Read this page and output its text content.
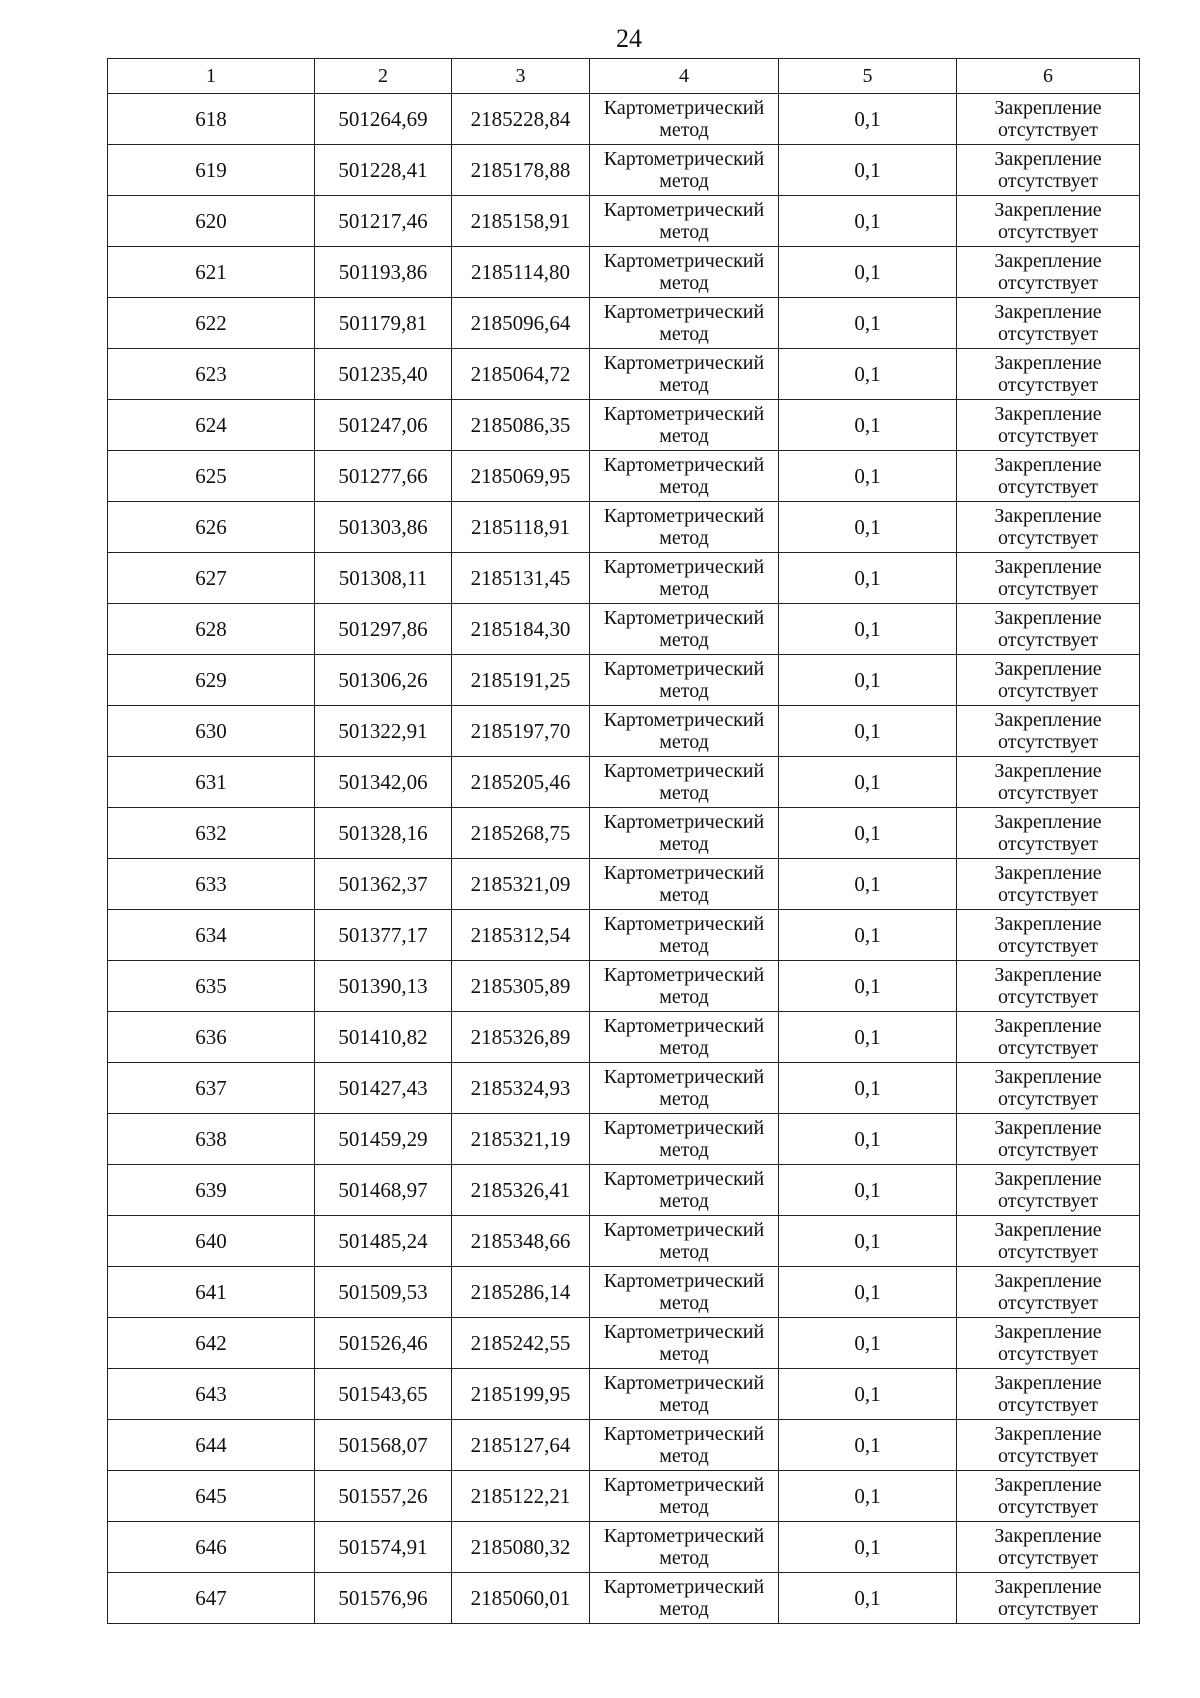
24
1	2	3	4	5	6
618	501264,69	2185228,84	Картометрический метод	0,1	Закрепление отсутствует
619	501228,41	2185178,88	Картометрический метод	0,1	Закрепление отсутствует
620	501217,46	2185158,91	Картометрический метод	0,1	Закрепление отсутствует
621	501193,86	2185114,80	Картометрический метод	0,1	Закрепление отсутствует
622	501179,81	2185096,64	Картометрический метод	0,1	Закрепление отсутствует
623	501235,40	2185064,72	Картометрический метод	0,1	Закрепление отсутствует
624	501247,06	2185086,35	Картометрический метод	0,1	Закрепление отсутствует
625	501277,66	2185069,95	Картометрический метод	0,1	Закрепление отсутствует
626	501303,86	2185118,91	Картометрический метод	0,1	Закрепление отсутствует
627	501308,11	2185131,45	Картометрический метод	0,1	Закрепление отсутствует
628	501297,86	2185184,30	Картометрический метод	0,1	Закрепление отсутствует
629	501306,26	2185191,25	Картометрический метод	0,1	Закрепление отсутствует
630	501322,91	2185197,70	Картометрический метод	0,1	Закрепление отсутствует
631	501342,06	2185205,46	Картометрический метод	0,1	Закрепление отсутствует
632	501328,16	2185268,75	Картометрический метод	0,1	Закрепление отсутствует
633	501362,37	2185321,09	Картометрический метод	0,1	Закрепление отсутствует
634	501377,17	2185312,54	Картометрический метод	0,1	Закрепление отсутствует
635	501390,13	2185305,89	Картометрический метод	0,1	Закрепление отсутствует
636	501410,82	2185326,89	Картометрический метод	0,1	Закрепление отсутствует
637	501427,43	2185324,93	Картометрический метод	0,1	Закрепление отсутствует
638	501459,29	2185321,19	Картометрический метод	0,1	Закрепление отсутствует
639	501468,97	2185326,41	Картометрический метод	0,1	Закрепление отсутствует
640	501485,24	2185348,66	Картометрический метод	0,1	Закрепление отсутствует
641	501509,53	2185286,14	Картометрический метод	0,1	Закрепление отсутствует
642	501526,46	2185242,55	Картометрический метод	0,1	Закрепление отсутствует
643	501543,65	2185199,95	Картометрический метод	0,1	Закрепление отсутствует
644	501568,07	2185127,64	Картометрический метод	0,1	Закрепление отсутствует
645	501557,26	2185122,21	Картометрический метод	0,1	Закрепление отсутствует
646	501574,91	2185080,32	Картометрический метод	0,1	Закрепление отсутствует
647	501576,96	2185060,01	Картометрический метод	0,1	Закрепление отсутствует
